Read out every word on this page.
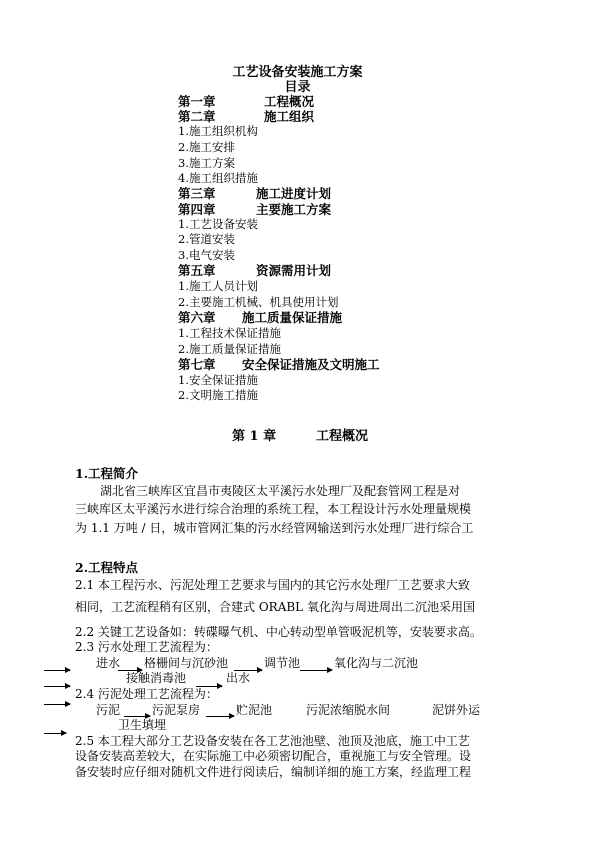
工艺设备安装施工方案
目录
第一章	工程概况
第二章	施工组织
1.施工组织机构
2.施工安排
3.施工方案
4.施工组织措施
第三章	施工进度计划
第四章	主要施工方案
1.工艺设备安装
2.管道安装
3.电气安装
第五章	资源需用计划
1.施工人员计划
2.主要施工机械、机具使用计划
第六章 施工质量保证措施
1.工程技术保证措施
2.施工质量保证措施
第七章 安全保证措施及文明施工
1.安全保证措施
2.文明施工措施
第 1 章	工程概况
1.工程简介
湖北省三峡库区宜昌市夷陵区太平溪污水处理厂及配套管网工程是对
三峡库区太平溪污水进行综合治理的系统工程，本工程设计污水处理量规模
为 1.1 万吨 / 日，城市管网汇集的污水经管网输送到污水处理厂进行综合工
2.工程特点
2.1 本工程污水、污泥处理工艺要求与国内的其它污水处理厂工艺要求大致
相同，工艺流程稍有区别，合建式 ORABL 氧化沟与周进周出二沉池采用国
2.2 关键工艺设备如：转碟曝气机、中心转动型单管吸泥机等，安装要求高。
2.3 污水处理工艺流程为：
进水 格栅间与沉砂池	调节池	氧化沟与二沉池
接触消毒池	出水
2.4 污泥处理工艺流程为：
污泥	污泥泵房	贮泥池	污泥浓缩脱水间	泥饼外运
卫生填埋
2.5 本工程大部分工艺设备安装在各工艺池池壁、池顶及池底，施工中工艺
设备安装高差较大，在实际施工中必须密切配合，重视施工与安全管理。设
备安装时应仔细对随机文件进行阅读后，编制详细的施工方案，经监理工程
